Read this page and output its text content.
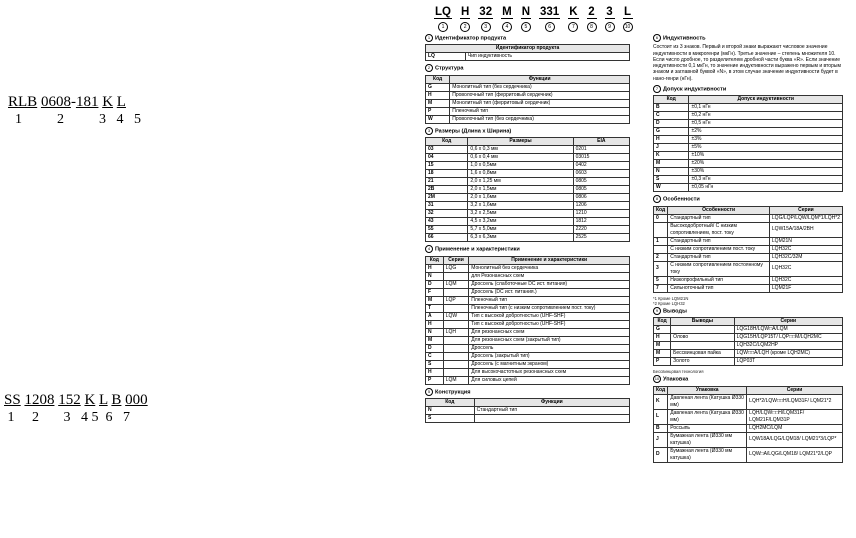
RLB 0608-181 K L
1	2	3 4 5
SS 1208 152 K L B 000
1 2 3 4 5 6 7
LQ
1
H
2
32
3
M
4
N
5
331
6
K
7
2
8
3
9
L
10
1 Идентификатор продукта
Идентификатор продукта
LQ	Чип индуктивность
2 Структура
Код	Функции
G	Монолитный тип (без сердечника)
H	Проволочный тип (ферритовый сердечник)
M	Монолитный тип (ферритовый сердечник)
P	Пленочный тип
W	Проволочный тип (без сердечника)
3 Размеры (Длина х Ширина)
Код	Размеры	EIA
03	0,6 x 0,3 мм	0201
04	0,6 x 0,4 мм	03015
15	1,0 x 0,5мм	0402
18	1,6 x 0,8мм	0603
21	2,0 x 1,25 мм	0805
2B	2,0 x 1,5мм	0805
2M	2,0 x 1,6мм	0806
31	3,2 x 1,6мм	1206
32	3,2 x 2,5мм	1210
43	4,5 x 3,2мм	1812
55	5,7 x 5,0мм	2220
66	6,3 x 6,3мм	2525
4 Применение и характеристики
Код	Серии	Применение и характеристики
H	LQG	Монолитный без сердечника
N		для Резонансных схем
D	LQM	Дроссель (слаботочные DC ист. питания)
F		Дроссель (DC ист. питания.)
M	LQP	Пленочный тип
T		Пленочный тип (с низким сопротивлением пост. току)
A	LQW	Тип с высокой добротностью (UHF-SHF)
H		Тип с высокой добротностью (UHF-SHF)
N	LQH	Для резонансных схем
M		Для резонансных схем (закрытый тип)
D		Дроссель
C		Дроссель (закрытый тип)
S		Дроссель (с магнитным экраном)
H		Для высокочастотных резонансных схем
P	LQM	Для силовых цепей
5 Конструкция
Код	Функции
N	Стандартный тип
S	
6 Индуктивность

Состоит из 3 знаков. Первый и второй знаки выражают числовое значение индуктивности в микрогенри (мкГн). Третье значение – степень множителя 10. Если число дробное, то разделителем дробной части буква «R». Если значение индуктивности 0,1 мкГн, то значение индуктивности выражено первым и вторым знаком и заглавной буквой «N», в этом случае значение индуктивности будет в нано-генри (нГн).

7 Допуск индуктивности
Код	Допуск индуктивности
B	±0,1 нГн
C	±0,2 нГн
D	±0,5 нГн
G	±2%
H	±3%
J	±5%
K	±10%
M	±20%
N	±30%
S	±0,3 нГн
W	±0,05 нГн
8 Особенности
Код	Особенности	Серии
0	Стандартный тип	LQG/LQP/LQW/LQM*1/LQH*2
	Высокодобротный/ С низким сопротивлением, пост. току	LQW15A/18A/2BH
1	Стандартный тип	LQM21N
	С низким сопротивлением пост. току	LQH32C
2	Стандартный тип	LQH32C/32M
3	С низким сопротивлением постоянному току	LQH32C
5	Низкопрофильный тип	LQH32C
7	Сильноточный тип	LQM21F
*1 Кроме LQM21N
*2 Кроме LQH32
9 Выводы
Код	Выводы	Серии
G		LQG18H/LQW□A/LQM
H	Олово	LQG15H/LQP15T/ LQP□□M/LQH2MC
M		LQH32C/LQM2HP
M	Бессвинцовая пайка	LQW□□A/LQH (кроме LQH2MC)
P	Золото	LQP03T
Бессвинцовая технология
10 Упаковка
Код	Упаковка	Серии
K	Давленая лента (Катушка Ø330 мм)	LQH*2/LQW□□H/LQM31F/ LQM21*2
L	Давленая лента (Катушка Ø330 мм)	LQH/LQW□□H/LQM31F/ LQM21F/LQM31P
B	Россыпь	LQH2MC/LQM
J	Бумажная лента (Ø330 мм катушка)	LQW18A/LQG/LQM18/ LQM21*3/LQP*
D	Бумажная лента (Ø330 мм катушка)	LQW□A/LQG/LQM18/ LQM21*2/LQP
